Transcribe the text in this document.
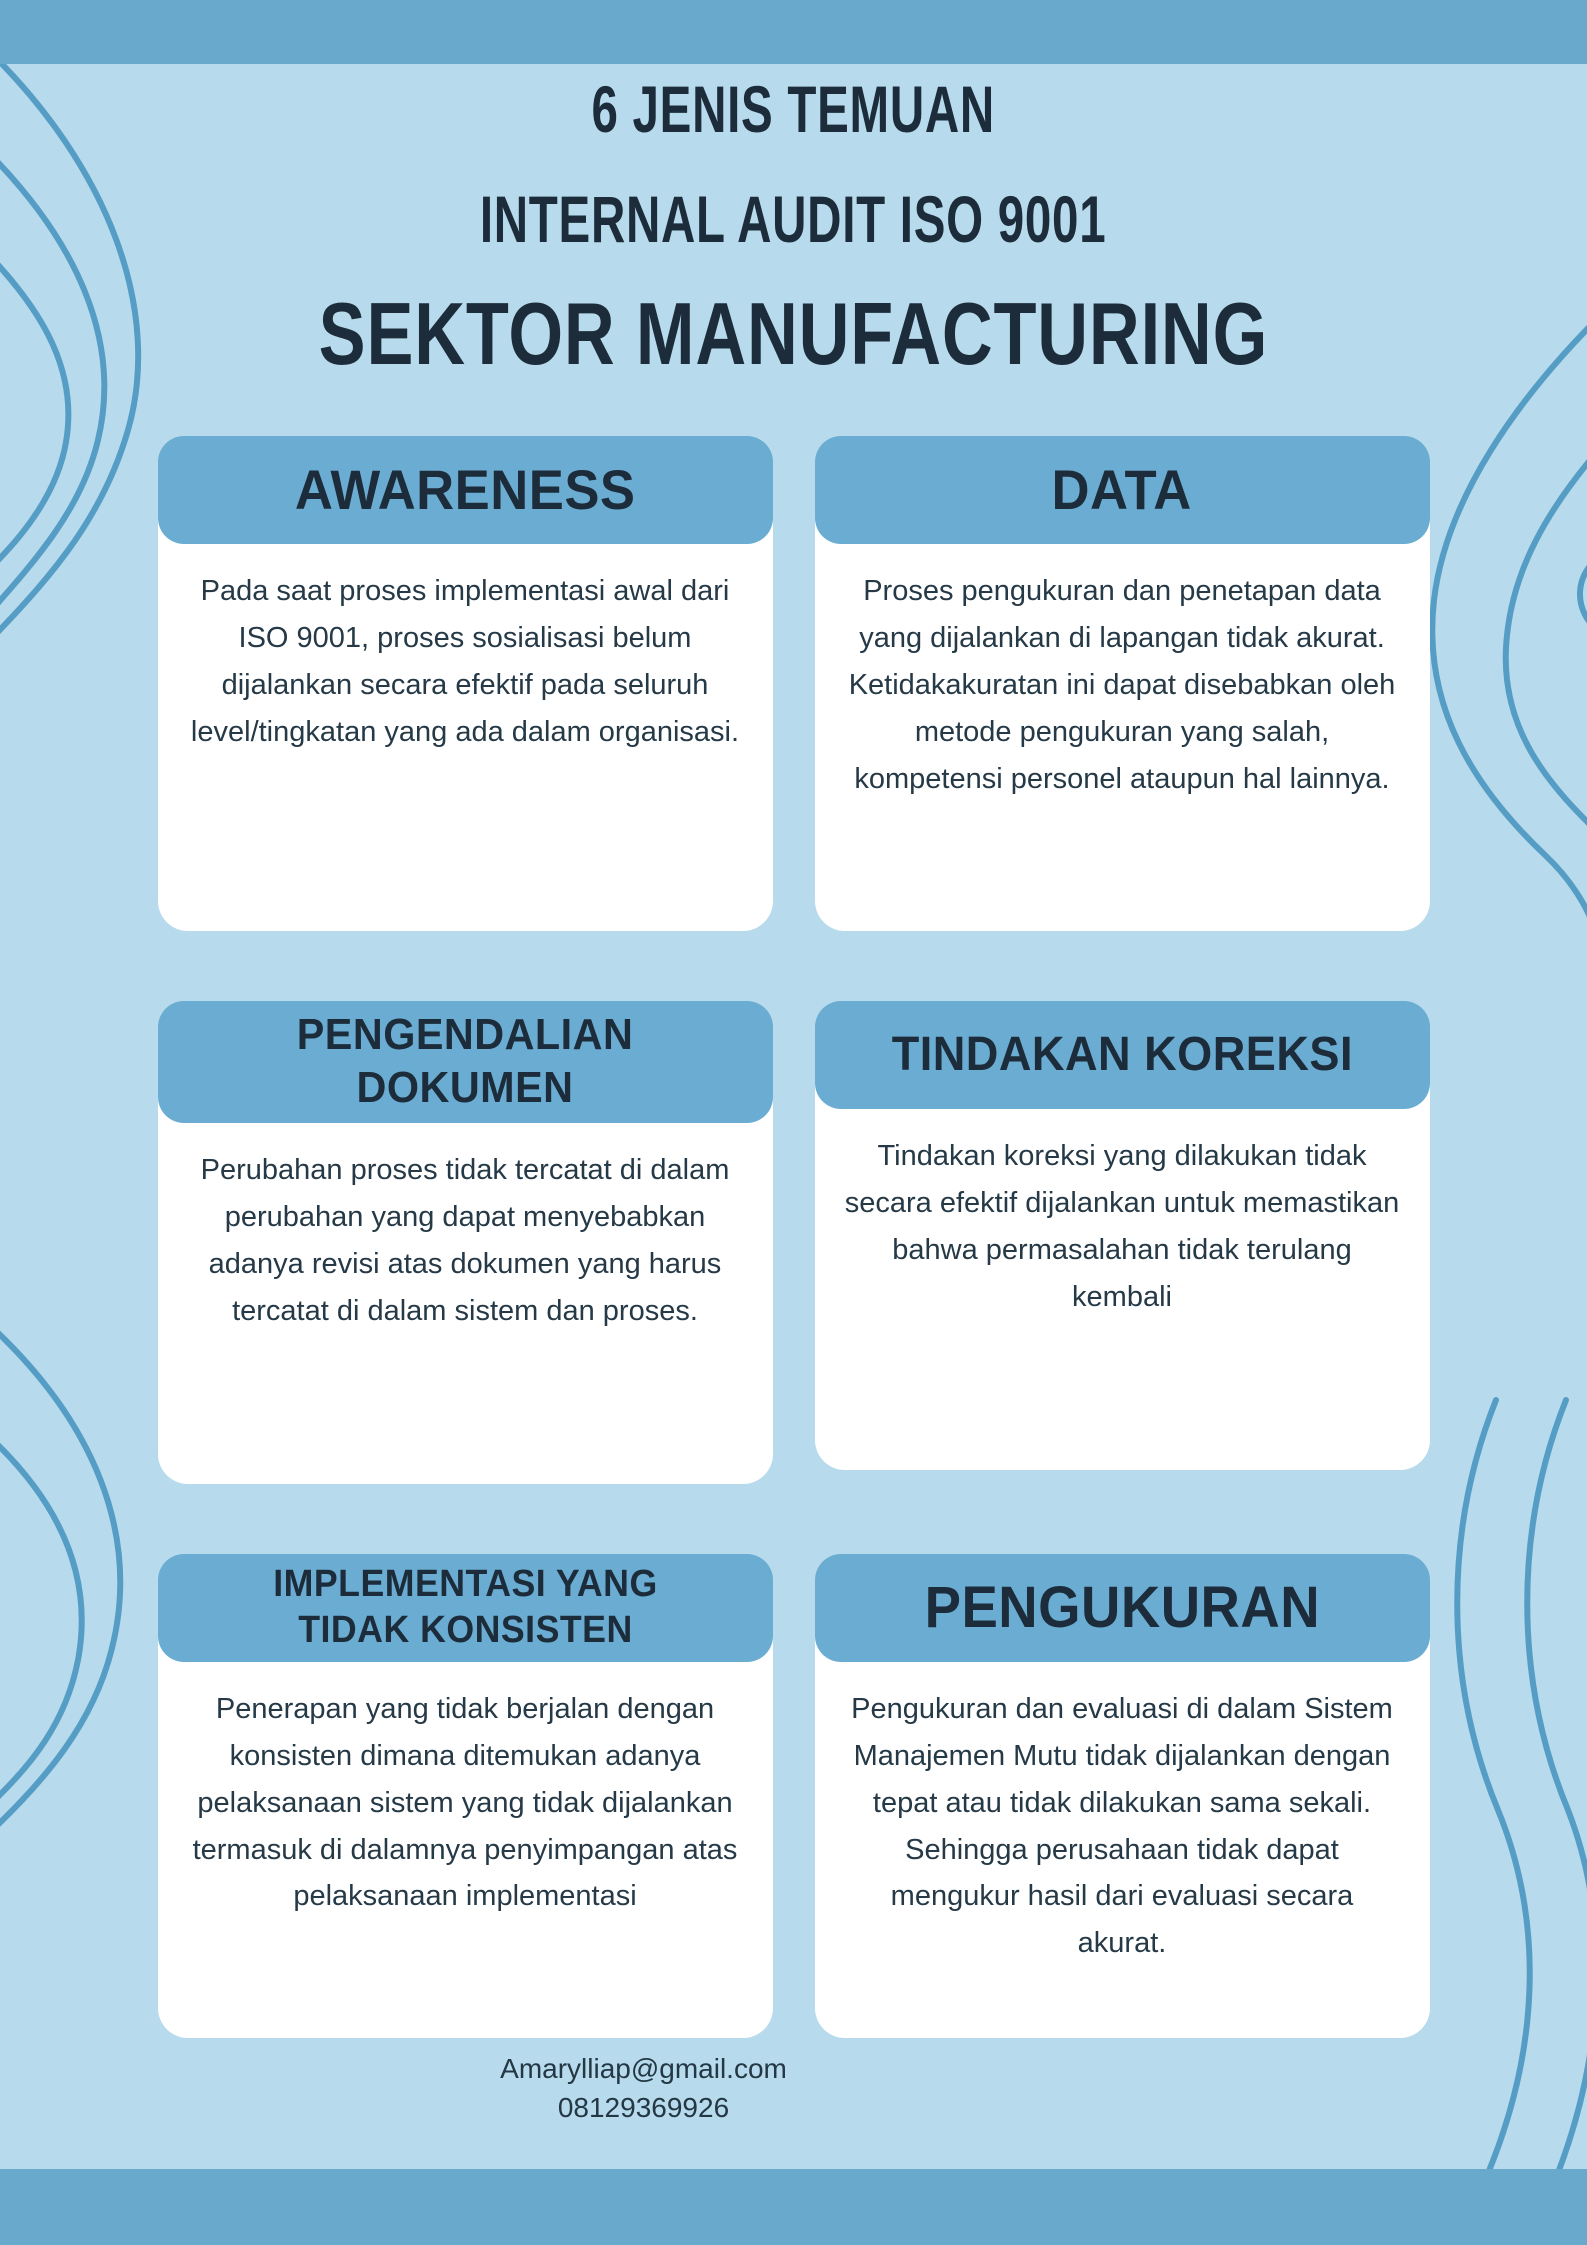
6 JENIS TEMUAN
INTERNAL AUDIT ISO 9001
SEKTOR MANUFACTURING
AWARENESS

Pada saat proses implementasi awal dari ISO 9001, proses sosialisasi belum dijalankan secara efektif pada seluruh level/tingkatan yang ada dalam organisasi.

DATA

Proses pengukuran dan penetapan data yang dijalankan di lapangan tidak akurat. Ketidakakuratan ini dapat disebabkan oleh metode pengukuran yang salah, kompetensi personel ataupun hal lainnya.

PENGENDALIAN
DOKUMEN

Perubahan proses tidak tercatat di dalam perubahan yang dapat menyebabkan adanya revisi atas dokumen yang harus tercatat di dalam sistem dan proses.

TINDAKAN KOREKSI

Tindakan koreksi yang dilakukan tidak secara efektif dijalankan untuk memastikan bahwa permasalahan tidak terulang kembali

IMPLEMENTASI YANG
TIDAK KONSISTEN

Penerapan yang tidak berjalan dengan konsisten dimana ditemukan adanya pelaksanaan sistem yang tidak dijalankan termasuk di dalamnya penyimpangan atas pelaksanaan implementasi

PENGUKURAN

Pengukuran dan evaluasi di dalam Sistem Manajemen Mutu tidak dijalankan dengan tepat atau tidak dilakukan sama sekali. Sehingga perusahaan tidak dapat mengukur hasil dari evaluasi secara akurat.

Amarylliap@gmail.com
08129369926
